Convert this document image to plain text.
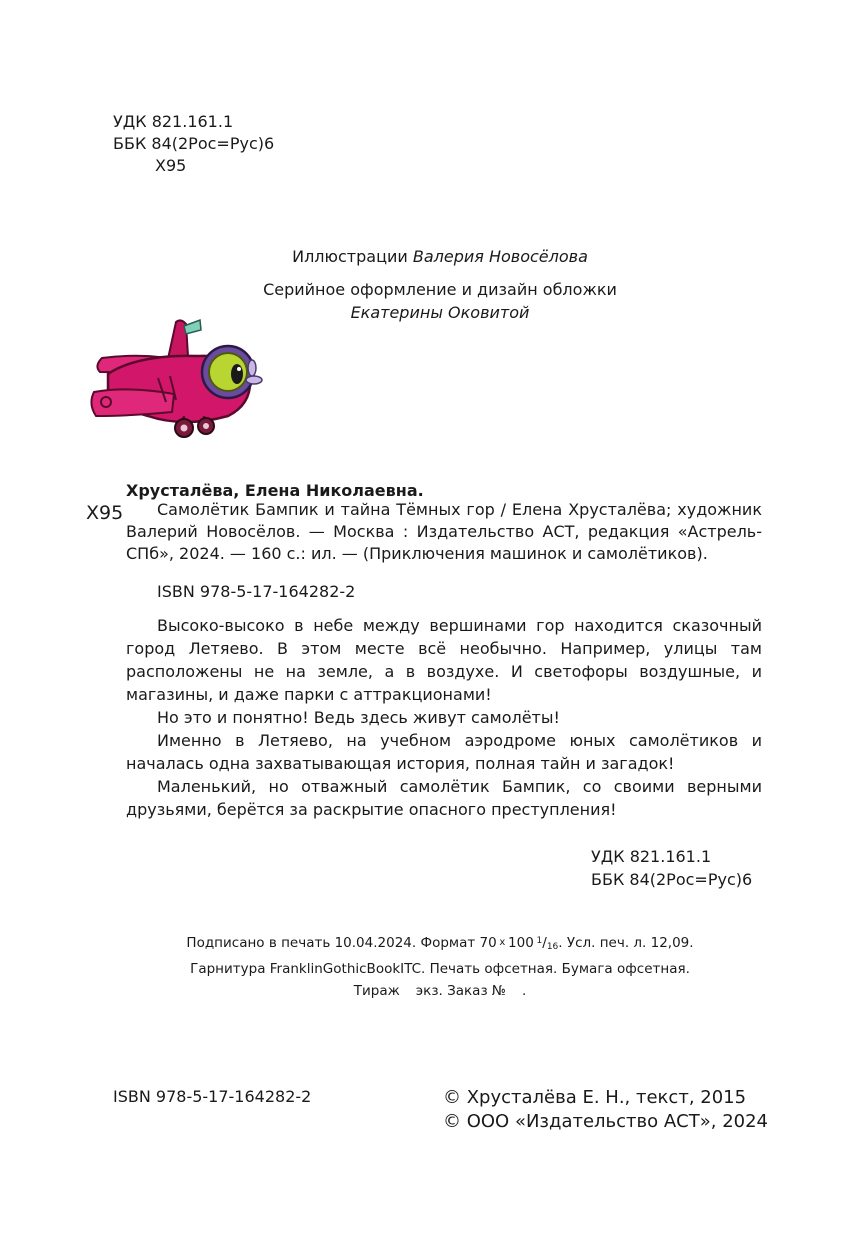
УДК 821.161.1
ББК 84(2Рос=Рус)6
Х95
Иллюстрации Валерия Новосёлова
Серийное оформление и дизайн обложки
Екатерины Оковитой
Хрусталёва, Елена Николаевна.
Х95	Самолётик Бампик и тайна Тёмных гор / Елена Хрусталёва; художник Валерий Новосёлов. — Москва : Издательство АСТ, редакция «Астрель-СПб», 2024. — 160 с.: ил. — (Приключения машинок и самолётиков).

ISBN 978-5-17-164282-2

Высоко-высоко в небе между вершинами гор находится сказочный город Летяево. В этом месте всё необычно. Например, улицы там расположены не на земле, а в воздухе. И светофоры воздушные, и магазины, и даже парки с аттракционами!

Но это и понятно! Ведь здесь живут самолёты!

Именно в Летяево, на учебном аэродроме юных самолётиков и началась одна захватывающая история, полная тайн и загадок!

Маленький, но отважный самолётик Бампик, со своими верными друзьями, берётся за раскрытие опасного преступления!

УДК 821.161.1
ББК 84(2Рос=Рус)6
Подписано в печать 10.04.2024. Формат 70  x  100  $^1/_{16}$. Усл. печ. л. 12,09.
Гарнитура FranklinGothicBookITC. Печать офсетная. Бумага офсетная.
Тираж экз. Заказ № .
ISBN 978-5-17-164282-2	© Хрусталёва Е. Н., текст, 2015
© ООО «Издательство АСТ», 2024
